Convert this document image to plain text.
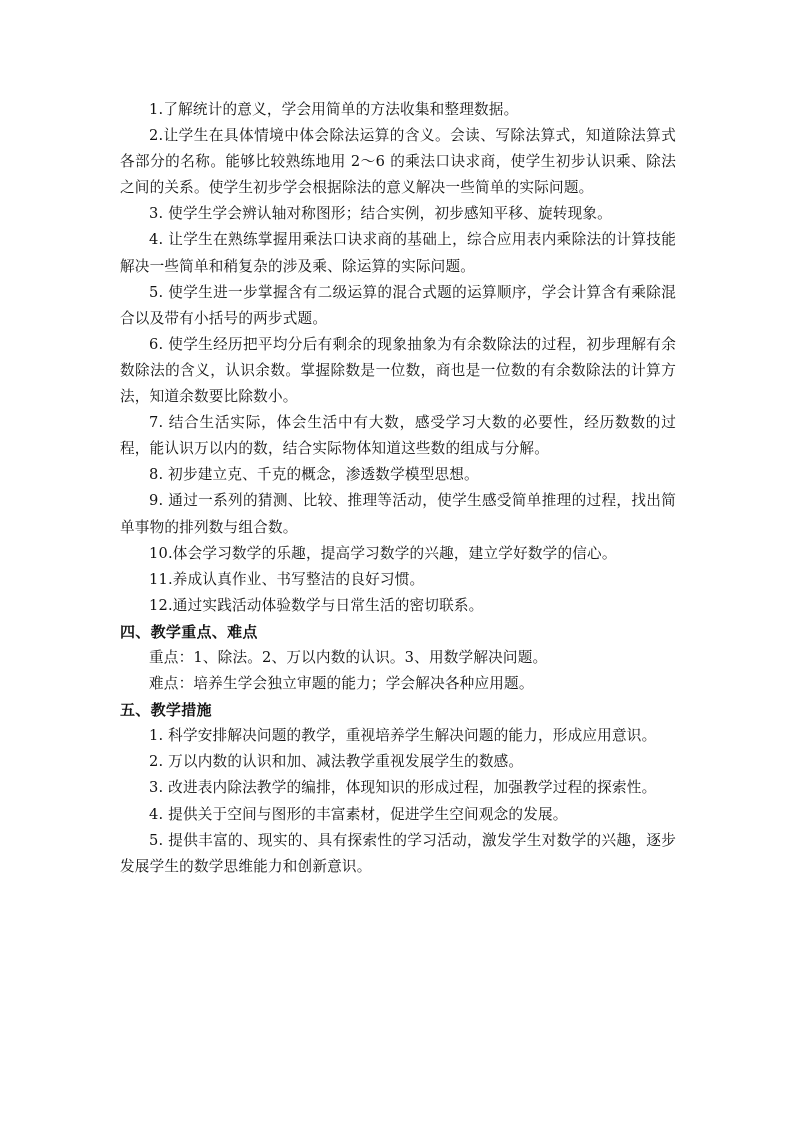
1.了解统计的意义，学会用简单的方法收集和整理数据。

2.让学生在具体情境中体会除法运算的含义。会读、写除法算式，知道除法算式各部分的名称。能够比较熟练地用 2～6 的乘法口诀求商，使学生初步认识乘、除法之间的关系。使学生初步学会根据除法的意义解决一些简单的实际问题。

3. 使学生学会辨认轴对称图形；结合实例，初步感知平移、旋转现象。

4. 让学生在熟练掌握用乘法口诀求商的基础上，综合应用表内乘除法的计算技能解决一些简单和稍复杂的涉及乘、除运算的实际问题。

5. 使学生进一步掌握含有二级运算的混合式题的运算顺序，学会计算含有乘除混合以及带有小括号的两步式题。

6. 使学生经历把平均分后有剩余的现象抽象为有余数除法的过程，初步理解有余数除法的含义，认识余数。掌握除数是一位数，商也是一位数的有余数除法的计算方法，知道余数要比除数小。

7. 结合生活实际，体会生活中有大数，感受学习大数的必要性，经历数数的过程，能认识万以内的数，结合实际物体知道这些数的组成与分解。

8. 初步建立克、千克的概念，渗透数学模型思想。

9. 通过一系列的猜测、比较、推理等活动，使学生感受简单推理的过程，找出简单事物的排列数与组合数。

10.体会学习数学的乐趣，提高学习数学的兴趣，建立学好数学的信心。

11.养成认真作业、书写整洁的良好习惯。

12.通过实践活动体验数学与日常生活的密切联系。

四、教学重点、难点

重点：1、除法。2、万以内数的认识。3、用数学解决问题。

难点：培养生学会独立审题的能力；学会解决各种应用题。

五、教学措施

1. 科学安排解决问题的教学，重视培养学生解决问题的能力，形成应用意识。

2. 万以内数的认识和加、减法教学重视发展学生的数感。

3. 改进表内除法教学的编排，体现知识的形成过程，加强教学过程的探索性。

4. 提供关于空间与图形的丰富素材，促进学生空间观念的发展。

5. 提供丰富的、现实的、具有探索性的学习活动，激发学生对数学的兴趣，逐步发展学生的数学思维能力和创新意识。
